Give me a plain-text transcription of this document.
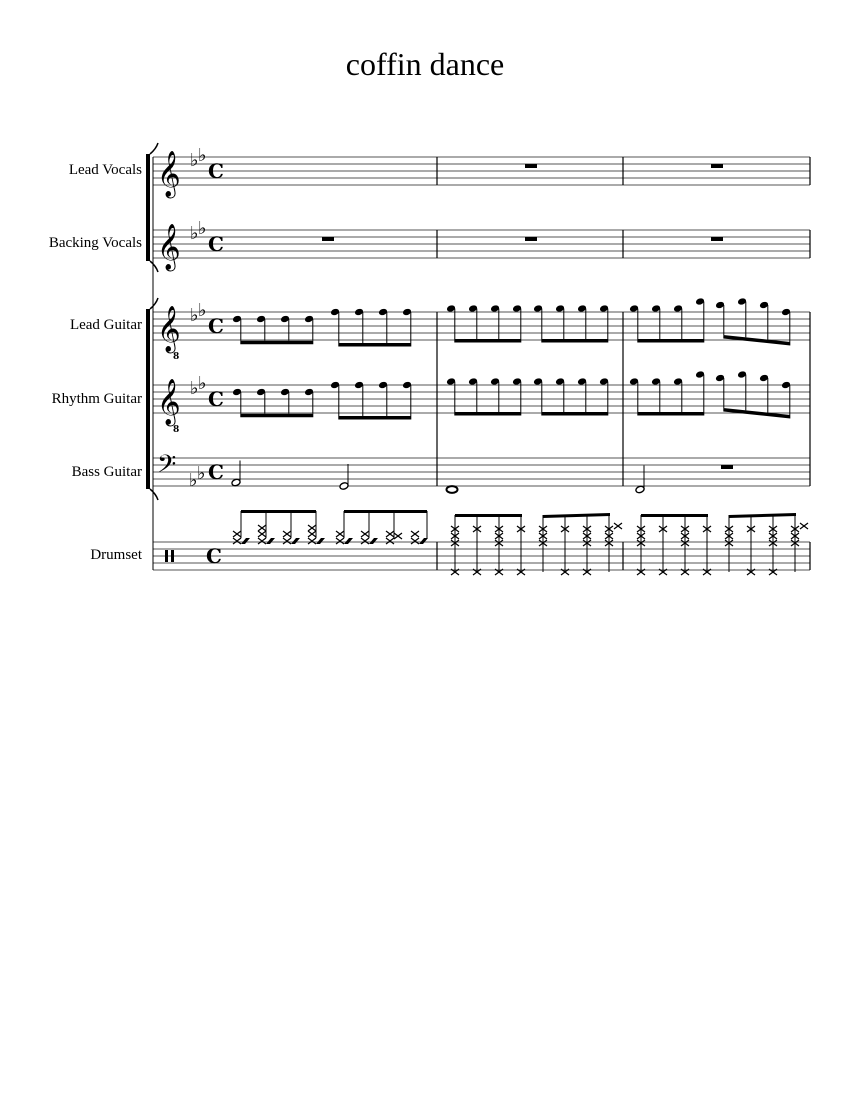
coffin dance
Lead Vocals
Backing Vocals
Lead Guitar
Rhythm Guitar
Bass Guitar
Drumset
𝄞 ♭ ♭
C
𝄞 ♭ ♭
C
𝄞
8
♭ ♭
C
𝄞
8
♭ ♭
C
𝄢 ♭ ♭ C
C
